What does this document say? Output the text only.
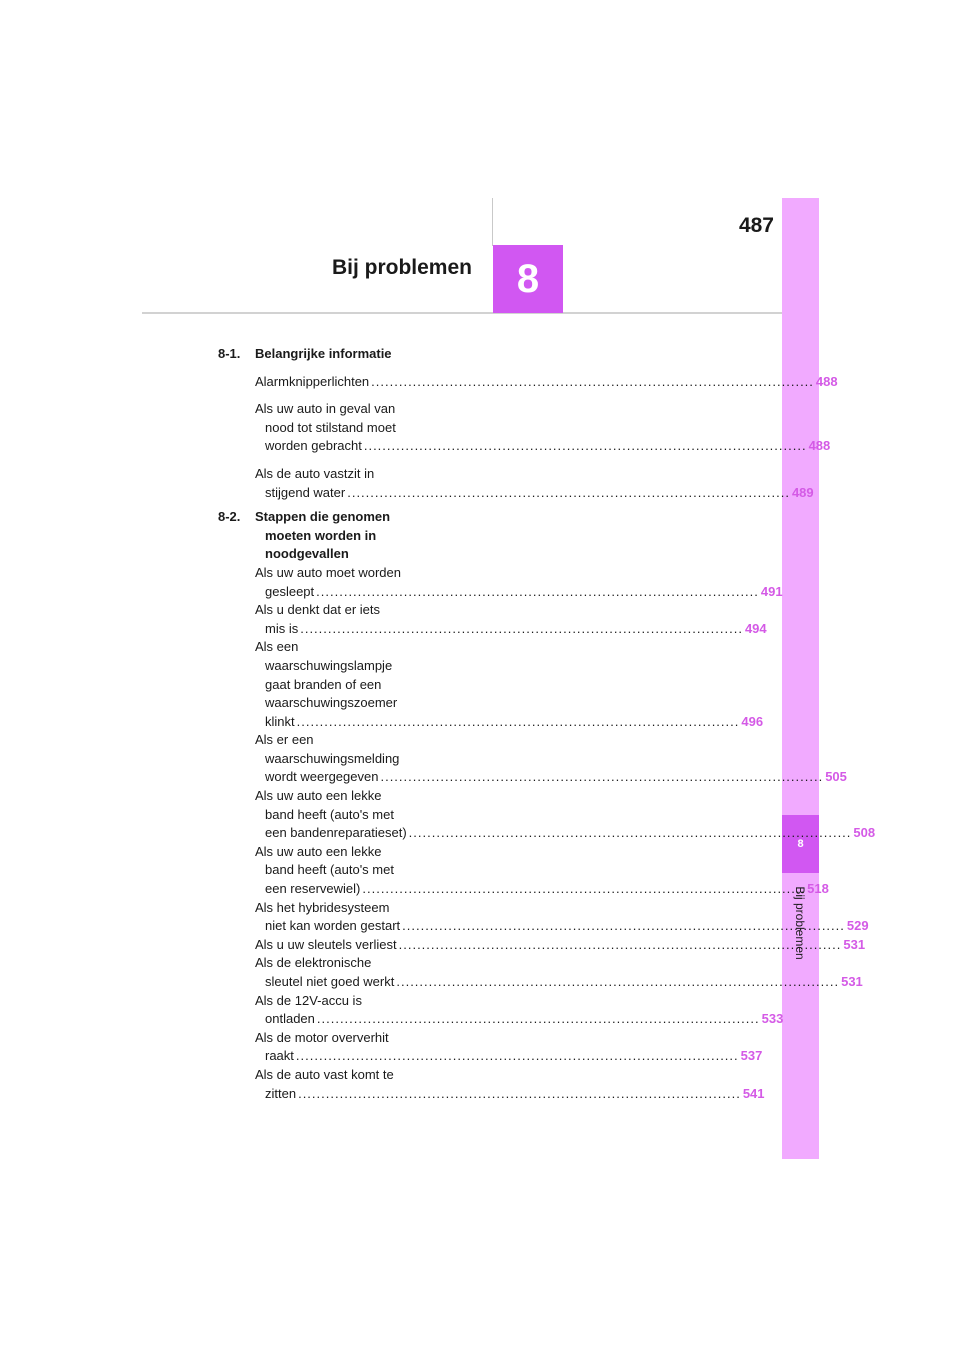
487
Bij problemen	8
8
Bij problemen
8-1. Belangrijke informatie
Alarmknipperlichten .....	488
Als uw auto in geval van
nood tot stilstand moet
worden gebracht .....	488
Als de auto vastzit in
stijgend water .....	489
8-2. Stappen die genomen
moeten worden in
noodgevallen
Als uw auto moet worden
gesleept .....	491
Als u denkt dat er iets
mis is .....	494
Als een
waarschuwingslampje
gaat branden of een
waarschuwingszoemer
klinkt .....	496
Als er een
waarschuwingsmelding
wordt weergegeven .....	505
Als uw auto een lekke
band heeft (auto's met
een bandenreparatieset) .....	508
Als uw auto een lekke
band heeft (auto's met
een reservewiel) .....	518
Als het hybridesysteem
niet kan worden gestart .....	529
Als u uw sleutels verliest .....	531
Als de elektronische
sleutel niet goed werkt .....	531
Als de 12V-accu is
ontladen .....	533
Als de motor oververhit
raakt .....	537
Als de auto vast komt te
zitten .....	541
